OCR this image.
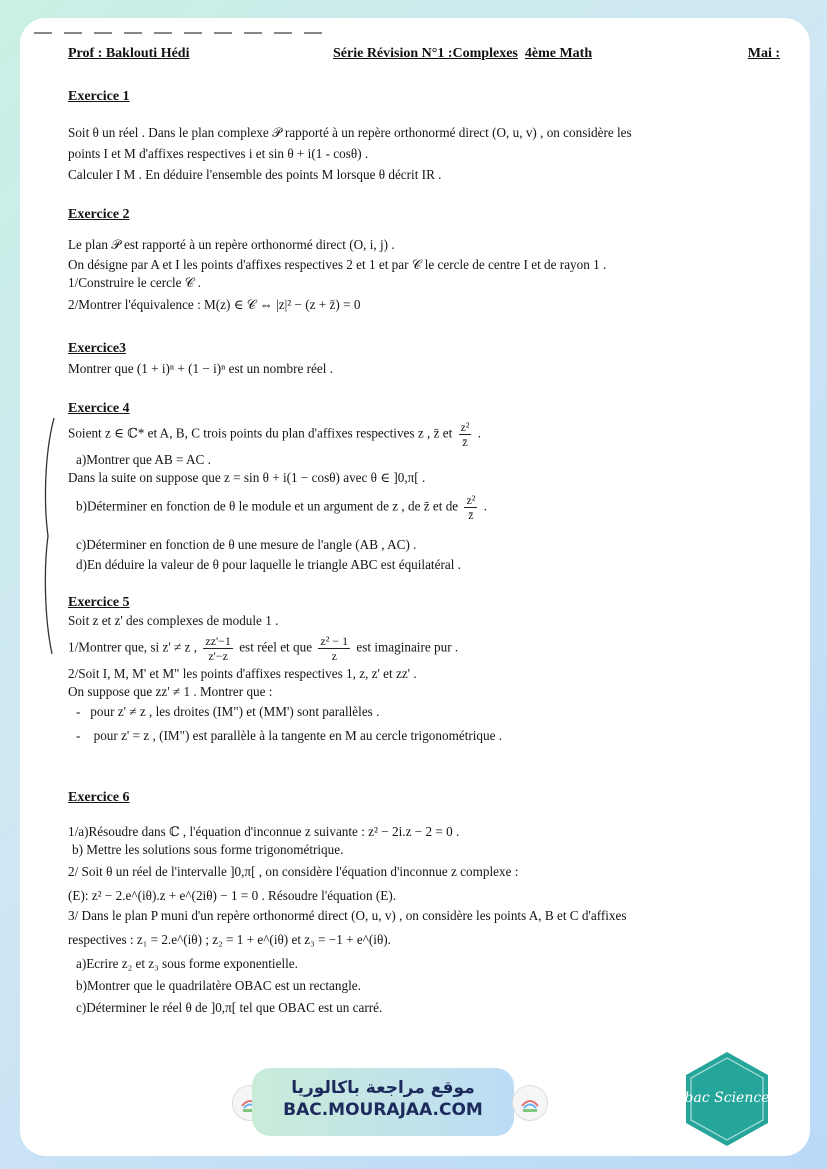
Prof : Baklouti Hédi	Série Révision N°1 :Complexes 4ème Math	Mai :

Exercice 1

Soit θ un réel . Dans le plan complexe 𝒫 rapporté à un repère orthonormé direct (O, u, v) , on considère les

points I et M d'affixes respectives i et sin θ + i(1 - cosθ) .

Calculer I M . En déduire l'ensemble des points M lorsque θ décrit IR .

Exercice 2

Le plan 𝒫 est rapporté à un repère orthonormé direct (O, i, j) .

On désigne par A et I les points d'affixes respectives 2 et 1 et par 𝒞 le cercle de centre I et de rayon 1 .

1/Construire le cercle 𝒞 .

2/Montrer l'équivalence : M(z) ∈ 𝒞 ⇔ |z|² − (z + z̄) = 0

Exercice3

Montrer que (1 + i)ⁿ + (1 − i)ⁿ est un nombre réel .

Exercice 4

Soient z ∈ ℂ* et A, B, C trois points du plan d'affixes respectives z , z̄ et $\frac{\text{z²}}{z̄}$ .

a)Montrer que AB = AC .

Dans la suite on suppose que z = sin θ + i(1 − cosθ) avec θ ∈ ]0,π[ .

b)Déterminer en fonction de θ le module et un argument de z , de z̄ et de $\frac{\text{z²}}{z̄}$ .

c)Déterminer en fonction de θ une mesure de l'angle (AB , AC) .

d)En déduire la valeur de θ pour laquelle le triangle ABC est équilatéral .

Exercice 5

Soit z et z' des complexes de module 1 .

1/Montrer que, si z' ≠ z , $\frac{zz'-1}{z'-z}$ est réel et que $\frac{\text{z² − 1}}{z}$ est imaginaire pur .

2/Soit I, M, M' et M" les points d'affixes respectives 1, z, z' et zz' .

On suppose que zz' ≠ 1 . Montrer que :

-   pour z' ≠ z , les droites (IM") et (MM') sont parallèles .

-    pour z' = z , (IM") est parallèle à la tangente en M au cercle trigonométrique .

Exercice 6

1/a)Résoudre dans ℂ , l'équation d'inconnue z suivante : z² − 2i.z − 2 = 0 .

b) Mettre les solutions sous forme trigonométrique.

2/ Soit θ un réel de l'intervalle ]0,π[ , on considère l'équation d'inconnue z complexe :

(E): z² − 2.e^(iθ).z + e^(2iθ) − 1 = 0 . Résoudre l'équation (E).

3/ Dans le plan P muni d'un repère orthonormé direct (O, u, v) , on considère les points A, B et C d'affixes

respectives : z₁ = 2.e^(iθ) ; z₂ = 1 + e^(iθ) et z₃ = −1 + e^(iθ).

a)Ecrire z₂ et z₃ sous forme exponentielle.

b)Montrer que le quadrilatère OBAC est un rectangle.

c)Déterminer le réel θ de ]0,π[ tel que OBAC est un carré.

موقع مراجعة باكالوريا
BAC.MOURAJAA.COM
bac Science
